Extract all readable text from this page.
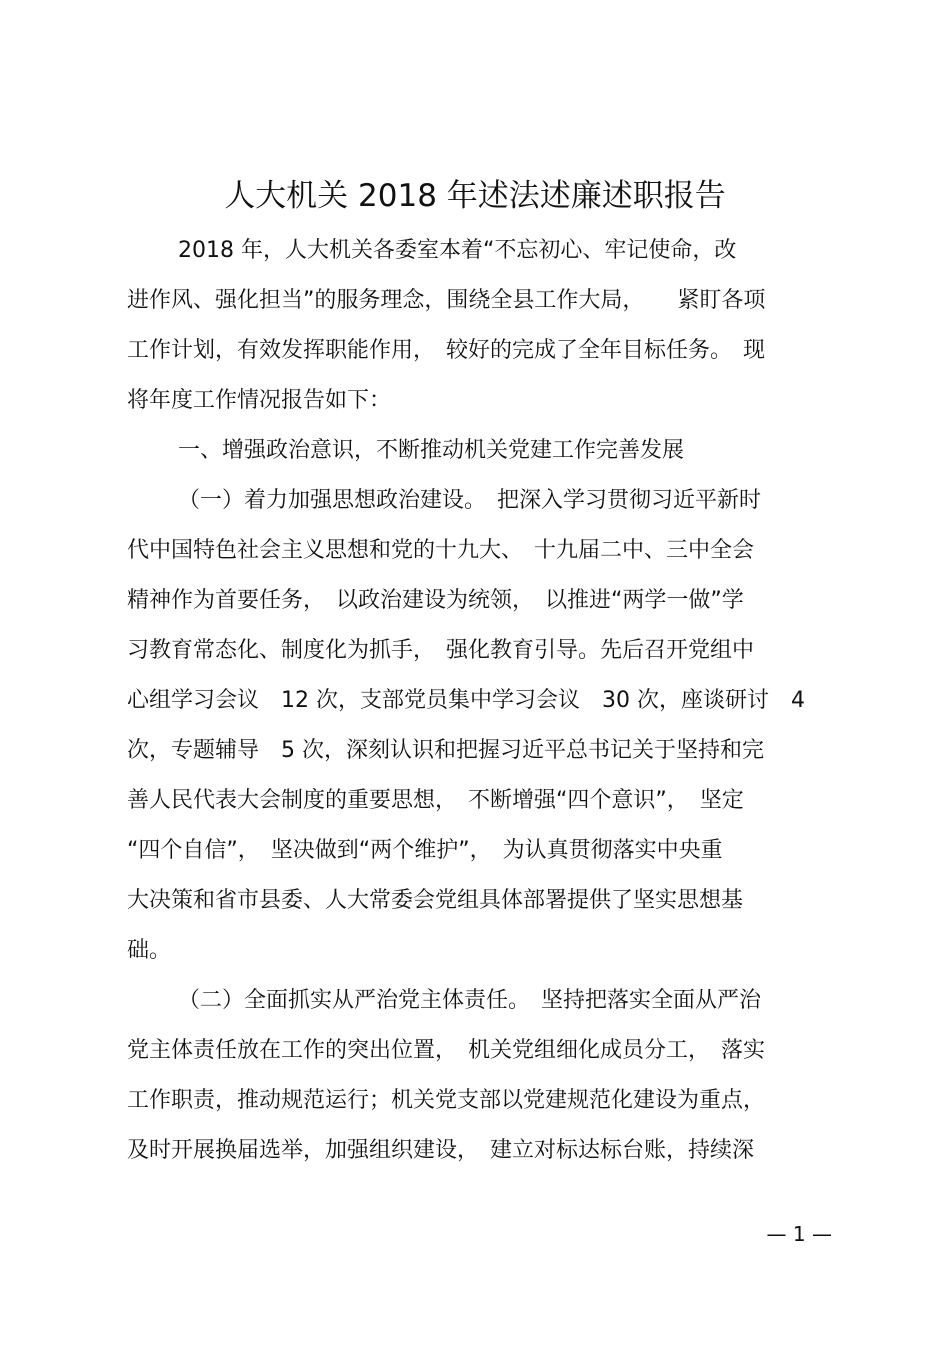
人大机关 2018 年述法述廉述职报告
2018 年，人大机关各委室本着“不忘初心、牢记使命，改
进作风、强化担当”的服务理念，围绕全县工作大局，　　紧盯各项
工作计划，有效发挥职能作用，　较好的完成了全年目标任务。　现
将年度工作情况报告如下：
一、增强政治意识，不断推动机关党建工作完善发展
（一）着力加强思想政治建设。　把深入学习贯彻习近平新时
代中国特色社会主义思想和党的十九大、　十九届二中、三中全会
精神作为首要任务，　以政治建设为统领，　以推进“两学一做”学
习教育常态化、制度化为抓手，　强化教育引导。先后召开党组中
心组学习会议　12 次，支部党员集中学习会议　30 次，座谈研讨　4
次，专题辅导　5 次，深刻认识和把握习近平总书记关于坚持和完
善人民代表大会制度的重要思想，　不断增强“四个意识”，　坚定
“四个自信”，　坚决做到“两个维护”，　为认真贯彻落实中央重
大决策和省市县委、人大常委会党组具体部署提供了坚实思想基
础。
（二）全面抓实从严治党主体责任。　坚持把落实全面从严治
党主体责任放在工作的突出位置，　机关党组细化成员分工，　落实
工作职责，推动规范运行；机关党支部以党建规范化建设为重点，
及时开展换届选举，加强组织建设，　建立对标达标台账，持续深
— 1 —
